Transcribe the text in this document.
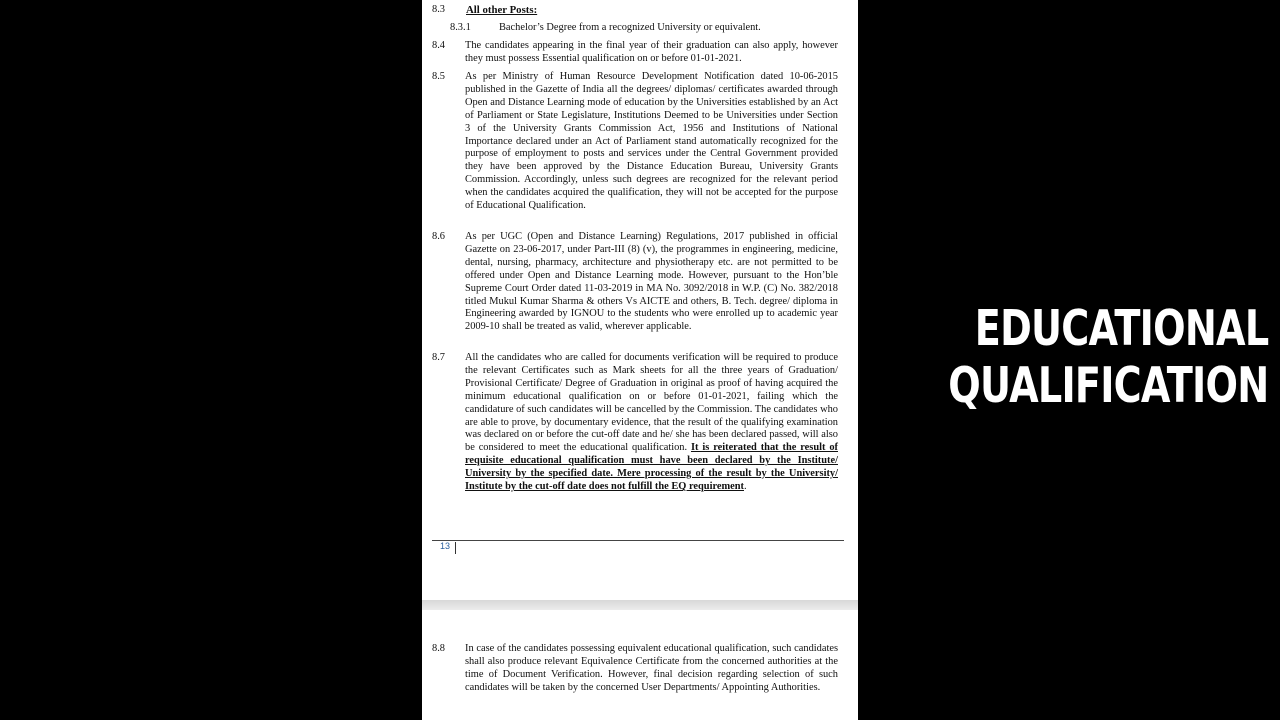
8.3 All other Posts:
8.3.1	Bachelor’s Degree from a recognized University or equivalent.
8.4 The candidates appearing in the final year of their graduation can also apply, however they must possess Essential qualification on or before 01-01-2021.
8.5 As per Ministry of Human Resource Development Notification dated 10-06-2015 published in the Gazette of India all the degrees/ diplomas/ certificates awarded through Open and Distance Learning mode of education by the Universities established by an Act of Parliament or State Legislature, Institutions Deemed to be Universities under Section 3 of the University Grants Commission Act, 1956 and Institutions of National Importance declared under an Act of Parliament stand automatically recognized for the purpose of employment to posts and services under the Central Government provided they have been approved by the Distance Education Bureau, University Grants Commission. Accordingly, unless such degrees are recognized for the relevant period when the candidates acquired the qualification, they will not be accepted for the purpose of Educational Qualification.
8.6 As per UGC (Open and Distance Learning) Regulations, 2017 published in official Gazette on 23-06-2017, under Part-III (8) (v), the programmes in engineering, medicine, dental, nursing, pharmacy, architecture and physiotherapy etc. are not permitted to be offered under Open and Distance Learning mode. However, pursuant to the Hon’ble Supreme Court Order dated 11-03-2019 in MA No. 3092/2018 in W.P. (C) No. 382/2018 titled Mukul Kumar Sharma & others Vs AICTE and others, B. Tech. degree/ diploma in Engineering awarded by IGNOU to the students who were enrolled up to academic year 2009-10 shall be treated as valid, wherever applicable.
8.7 All the candidates who are called for documents verification will be required to produce the relevant Certificates such as Mark sheets for all the three years of Graduation/ Provisional Certificate/ Degree of Graduation in original as proof of having acquired the minimum educational qualification on or before 01-01-2021, failing which the candidature of such candidates will be cancelled by the Commission. The candidates who are able to prove, by documentary evidence, that the result of the qualifying examination was declared on or before the cut-off date and he/ she has been declared passed, will also be considered to meet the educational qualification. It is reiterated that the result of requisite educational qualification must have been declared by the Institute/ University by the specified date. Mere processing of the result by the University/ Institute by the cut-off date does not fulfill the EQ requirement.
13
8.8 In case of the candidates possessing equivalent educational qualification, such candidates shall also produce relevant Equivalence Certificate from the concerned authorities at the time of Document Verification. However, final decision regarding selection of such candidates will be taken by the concerned User Departments/ Appointing Authorities.
EDUCATIONAL
QUALIFICATION
